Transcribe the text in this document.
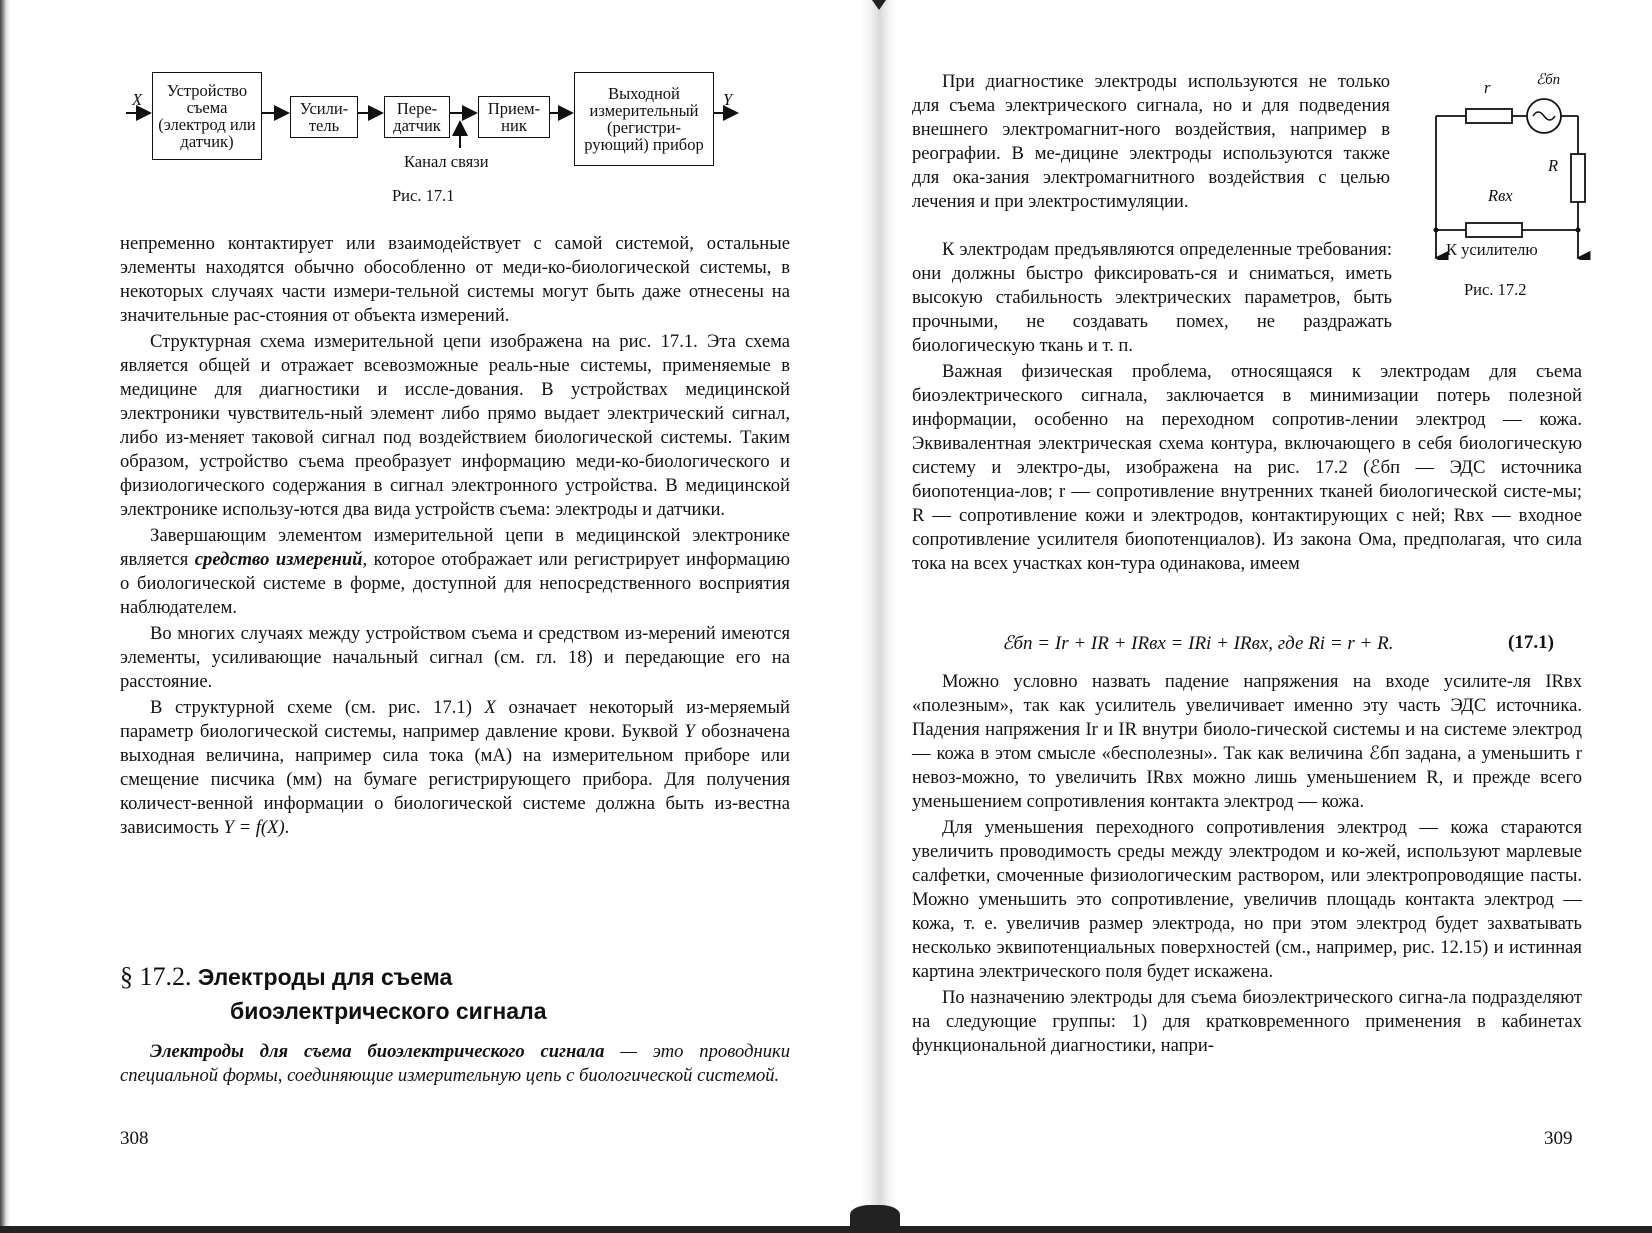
X	Y
Устройство съема (электрод или датчик)
Усили-тель
Пере-датчик
Прием-ник
Выходной измерительный (регистри-рующий) прибор
Канал связи
Рис. 17.1

непременно контактирует или взаимодействует с самой системой, остальные элементы находятся обычно обособленно от меди-ко-биологической системы, в некоторых случаях части измери-тельной системы могут быть даже отнесены на значительные рас-стояния от объекта измерений.

Структурная схема измерительной цепи изображена на рис. 17.1. Эта схема является общей и отражает всевозможные реаль-ные системы, применяемые в медицине для диагностики и иссле-дования. В устройствах медицинской электроники чувствитель-ный элемент либо прямо выдает электрический сигнал, либо из-меняет таковой сигнал под воздействием биологической системы. Таким образом, устройство съема преобразует информацию меди-ко-биологического и физиологического содержания в сигнал электронного устройства. В медицинской электронике использу-ются два вида устройств съема: электроды и датчики.

Завершающим элементом измерительной цепи в медицинской электронике является средство измерений, которое отображает или регистрирует информацию о биологической системе в форме, доступной для непосредственного восприятия наблюдателем.

Во многих случаях между устройством съема и средством из-мерений имеются элементы, усиливающие начальный сигнал (см. гл. 18) и передающие его на расстояние.

В структурной схеме (см. рис. 17.1) X означает некоторый из-меряемый параметр биологической системы, например давление крови. Буквой Y обозначена выходная величина, например сила тока (мА) на измерительном приборе или смещение писчика (мм) на бумаге регистрирующего прибора. Для получения количест-венной информации о биологической системе должна быть из-вестна зависимость Y = f(X).

§ 17.2. Электроды для съема
биоэлектрического сигнала

Электроды для съема биоэлектрического сигнала — это проводники специальной формы, соединяющие измерительную цепь с биологической системой.

308
r	ℰбп
R
Rвх
К усилителю
Рис. 17.2

При диагностике электроды используются не только для съема электрического сигнала, но и для подведения внешнего электромагнит-ного воздействия, например в реографии. В ме-дицине электроды используются также для ока-зания электромагнитного воздействия с целью лечения и при электростимуляции.

К электродам предъявляются определенные требования: они должны быстро фиксировать-ся и сниматься, иметь высокую стабильность электрических параметров, быть прочными, не создавать помех, не раздражать биологическую ткань и т. п.

Важная физическая проблема, относящаяся к электродам для съема биоэлектрического сигнала, заключается в минимизации потерь полезной информации, особенно на переходном сопротив-лении электрод — кожа. Эквивалентная электрическая схема контура, включающего в себя биологическую систему и электро-ды, изображена на рис. 17.2 (ℰбп — ЭДС источника биопотенциа-лов; r — сопротивление внутренних тканей биологической систе-мы; R — сопротивление кожи и электродов, контактирующих с ней; Rвх — входное сопротивление усилителя биопотенциалов). Из закона Ома, предполагая, что сила тока на всех участках кон-тура одинакова, имеем

ℰбп = Ir + IR + IRвх = IRi + IRвх, где Ri = r + R.	(17.1)

Можно условно назвать падение напряжения на входе усилите-ля IRвх «полезным», так как усилитель увеличивает именно эту часть ЭДС источника. Падения напряжения Ir и IR внутри биоло-гической системы и на системе электрод — кожа в этом смысле «бесполезны». Так как величина ℰбп задана, а уменьшить r невоз-можно, то увеличить IRвх можно лишь уменьшением R, и прежде всего уменьшением сопротивления контакта электрод — кожа.

Для уменьшения переходного сопротивления электрод — кожа стараются увеличить проводимость среды между электродом и ко-жей, используют марлевые салфетки, смоченные физиологическим раствором, или электропроводящие пасты. Можно уменьшить это сопротивление, увеличив площадь контакта электрод — кожа, т. е. увеличив размер электрода, но при этом электрод будет захватывать несколько эквипотенциальных поверхностей (см., например, рис. 12.15) и истинная картина электрического поля будет искажена.

По назначению электроды для съема биоэлектрического сигна-ла подразделяют на следующие группы: 1) для кратковременного применения в кабинетах функциональной диагностики, напри-

309
